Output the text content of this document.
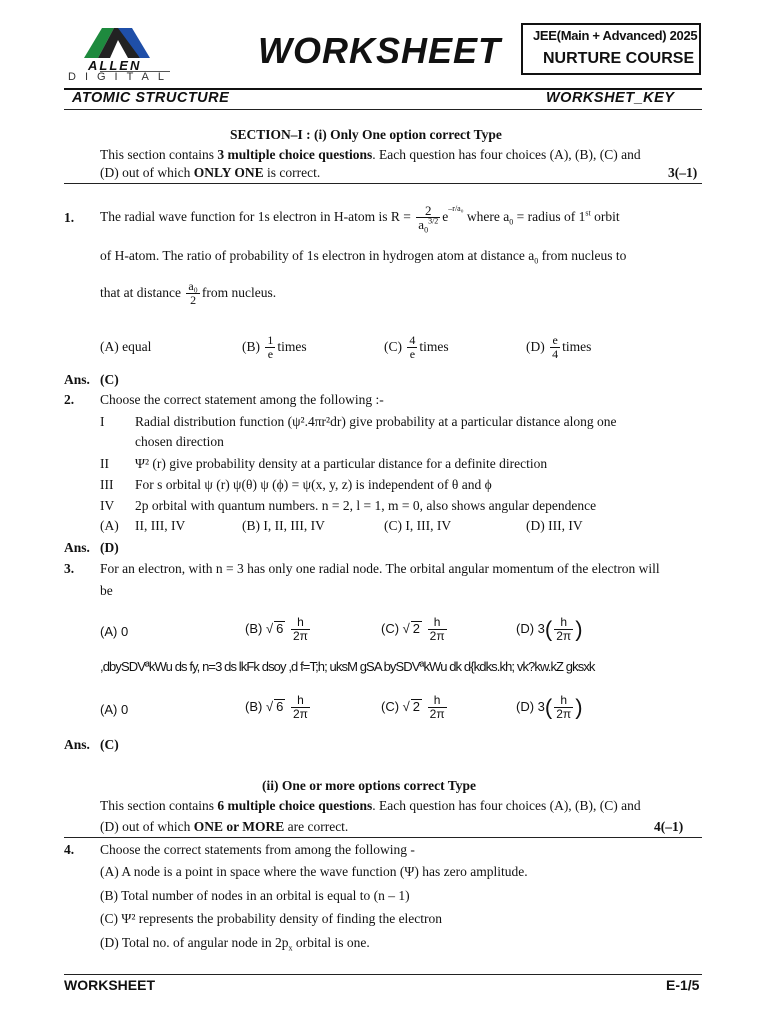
ALLEN
DIGITAL
WORKSHEET JEE(Main + Advanced) 2025
NURTURE COURSE
ATOMIC STRUCTURE	WORKSHET_KEY
SECTION–I : (i) Only One option correct Type
This section contains 3 multiple choice questions. Each question has four choices (A), (B), (C) and
(D) out of which ONLY ONE is correct.	3(–1)
1. The radial wave function for 1s electron in H-atom is $R = \frac{2}{a_0^{3/2}} e^{-r/a_0}$ where $a_0$ = radius of 1st orbit
of H-atom. The ratio of probability of 1s electron in hydrogen atom at distance $a_0$ from nucleus to
that at distance $\frac{\text{a₀}}{2}$ from nucleus.
(A) equal	$(B) \frac{1}{e}$ times	$(C) \frac{4}{e}$ times	$(D) \frac{e}{4}$ times
Ans. (C)
2. Choose the correct statement among the following :-
I Radial distribution function (ψ².4πr²dr) give probability at a particular distance along one
chosen direction
II Ψ² (r) give probability density at a particular distance for a definite direction
III For s orbital ψ (r) ψ(θ) ψ (ϕ) = ψ(x, y, z) is independent of θ and ϕ
IV 2p orbital with quantum numbers. n = 2, l = 1, m = 0, also shows angular dependence
(A) II, III, IV	(B) I, II, III, IV	(C) I, III, IV	(D) III, IV
Ans. (D)
3. For an electron, with n = 3 has only one radial node. The orbital angular momentum of the electron will
be
(A) 0	(B) √ $6 \frac{h}{2\pi}$	(C) √ $2 \frac{h}{2\pi}$	(D) $3( \frac{h}{2\pi}$ )
,dbySDVªkWu ds fy, n=3 ds lkFk dsoy ,d f=T;h; uksM gSA bySDVªkWu dk d{kdks.kh; vk?kw.kZ gksxk
(A) 0	(B) √ $6 \frac{h}{2\pi}$	(C) √ $2 \frac{h}{2\pi}$	(D) $3( \frac{h}{2\pi}$ )
Ans. (C)
(ii) One or more options correct Type
This section contains 6 multiple choice questions. Each question has four choices (A), (B), (C) and
(D) out of which ONE or MORE are correct.	4(–1)
4. Choose the correct statements from among the following -
(A) A node is a point in space where the wave function (Ψ) has zero amplitude.
(B) Total number of nodes in an orbital is equal to (n – 1)
(C) Ψ² represents the probability density of finding the electron
(D) Total no. of angular node in $2p_x$ orbital is one.
WORKSHEET	E-1/5
